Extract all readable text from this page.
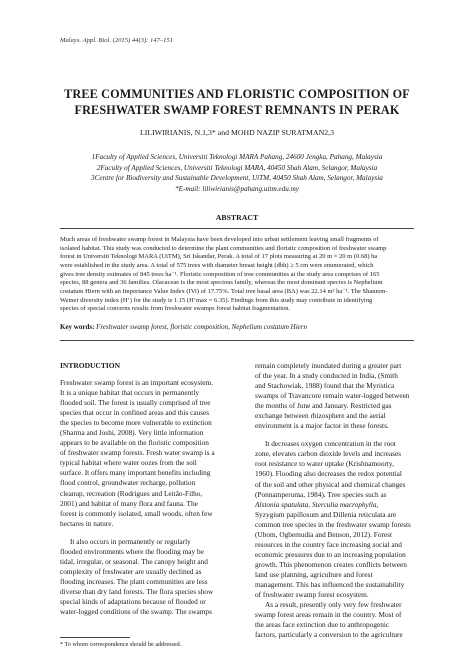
Malays. Appl. Biol. (2015) 44(3): 147–151
TREE COMMUNITIES AND FLORISTIC COMPOSITION OF FRESHWATER SWAMP FOREST REMNANTS IN PERAK
LILIWIRIANIS, N.1,3* and MOHD NAZIP SURATMAN2,3
1Faculty of Applied Sciences, Universiti Teknologi MARA Pahang, 24600 Jengka, Pahang, Malaysia
2Faculty of Applied Sciences, Universiti Teknologi MARA, 40450 Shah Alam, Selangor, Malaysia
3Centre for Biodiversity and Sustainable Development, UiTM, 40450 Shah Alam, Selangor, Malaysia
*E-mail: liliwirianis@pahang.uitm.edu.my
ABSTRACT
Much areas of freshwater swamp forest in Malaysia have been developed into urban settlement leaving small fragments of
isolated habitat. This study was conducted to determine the plant communities and floristic composition of freshwater swamp
forest in Universiti Teknologi MARA (UiTM), Sri Iskandar, Perak. A total of 17 plots measuring at 20 m × 20 m (0.68) ha
were established in the study area. A total of 575 trees with diameter breast height (dbh) ≥ 5 cm were enumerated, which
gives tree density estimates of 845 trees ha⁻¹. Floristic composition of tree communities at the study area comprises of 165
species, 88 genera and 36 families. Olacaceae is the most specious family, whereas the most dominant species is Nephelium
costatum Hiern with an Importance Value Index (IVi) of 17.75%. Total tree basal area (BA) was 22.14 m² ha⁻¹. The Shannon-
Weiner diversity index (H’) for the study is 1.15 (H’max = 6.35). Findings from this study may contribute in identifying
species of special concerns results from freshwater swamps forest habitat fragmentation.
Key words: Freshwater swamp forest, floristic composition, Nephelium costatum Hiern
INTRODUCTION

Freshwater swamp forest is an important ecosystem.

It is a unique habitat that occurs in permanently

flooded soil. The forest is usually comprised of tree

species that occur in confined areas and this causes

the species to become more vulnerable to extinction

(Sharma and Joshi, 2008). Very little information

appears to be available on the floristic composition

of freshwater swamp forests. Fresh water swamp is a

typical habitat where water oozes from the soil

surface. It offers many important benefits including

flood control, groundwater recharge, pollution

cleanup, recreation (Rodrigues and Leitão-Filho,

2001) and habitat of many flora and fauna. The

forest is commonly isolated, small woods, often few

hectares in nature.

It also occurs in permanently or regularly

flooded environments where the flooding may be

tidal, irregular, or seasonal. The canopy height and

complexity of freshwater are usually declined as

flooding increases. The plant communities are less

diverse than dry land forests. The flora species show

special kinds of adaptations because of flooded or

water-logged conditions of the swamp. The swamps

remain completely inundated during a greater part

of the year. In a study conducted in India, (Smith

and Stachowiak, 1988) found that the Myristica

swamps of Travancore remain water-logged between

the months of June and January. Restricted gas

exchange between rhizosphere and the aerial

environment is a major factor in these forests.

It decreases oxygen concentration in the root

zone, elevates carbon dioxide levels and increases

root resistance to water uptake (Krishnamoorty,

1960). Flooding also decreases the redox potential

of the soil and other physical and chemical changes

(Ponnamperuma, 1984). Tree species such as

Alstonia spatulata, Sterculia macrophylla,

Syzygium papillosum and Dillenia reticulata are

common tree species in the freshwater swamp forests

(Ubom, Ogbemudia and Benson, 2012). Forest

resources in the country face increasing social and

economic pressures due to an increasing population

growth. This phenomenon creates conflicts between

land use planning, agriculture and forest

management. This has influenced the sustainability

of freshwater swamp forest ecosystem.

As a result, presently only very few freshwater

swamp forest areas remain in the country. Most of

the areas face extinction due to anthropogenic

factors, particularly a conversion to the agriculture

* To whom correspondence should be addressed.
